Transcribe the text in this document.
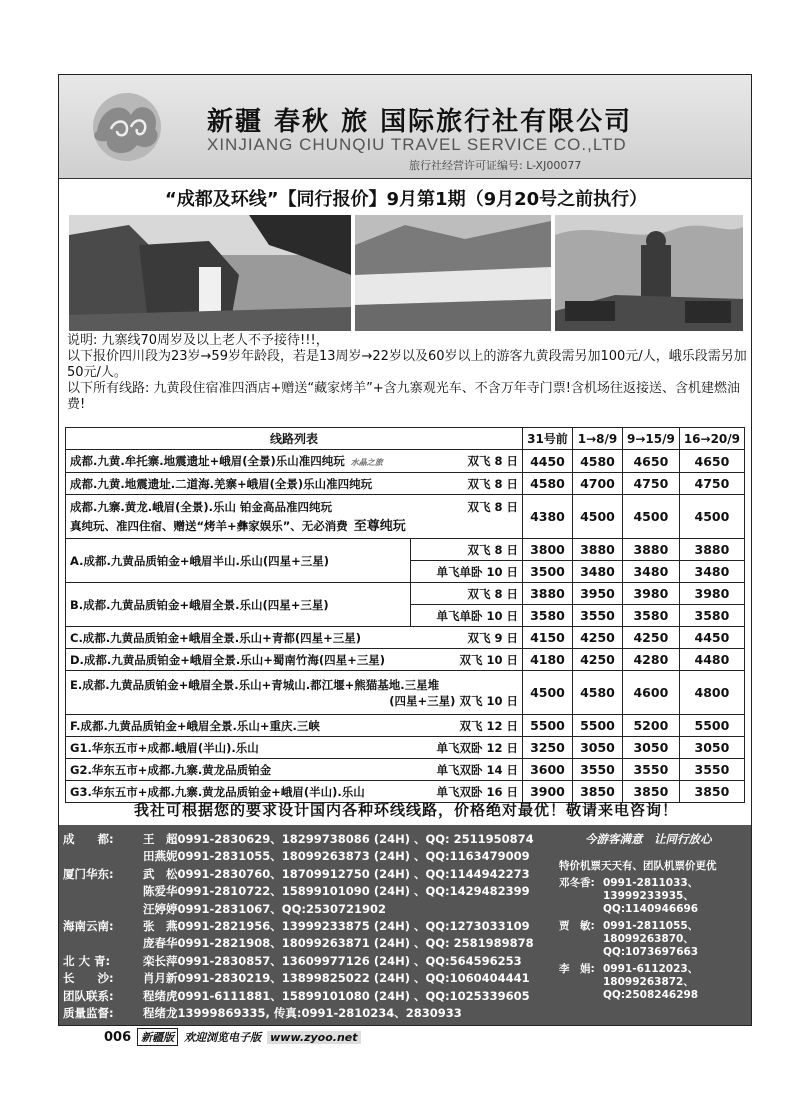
新疆 春秋 旅 国际旅行社有限公司
XINJIANG CHUNQIU TRAVEL SERVICE CO.,LTD
旅行社经营许可证编号: L-XJ00077
“成都及环线”【同行报价】9月第1期（9月20号之前执行）
说明: 九寨线70周岁及以上老人不予接待!!!，
以下报价四川段为23岁→59岁年龄段，若是13周岁→22岁以及60岁以上的游客九黄段需另加100元/人，峨乐段需另加50元/人。
以下所有线路: 九黄段住宿准四酒店+赠送“藏家烤羊”+含九寨观光车、不含万年寺门票!含机场往返接送、含机建燃油费!
线路列表		31号前	1→8/9	9→15/9	16→20/9

成都.九黄.牟托寨.地震遗址+峨眉(全景)乐山准四纯玩 水晶之旅 双飞 8 日		4450	4580	4650	4650

成都.九黄.地震遗址.二道海.羌寨+峨眉(全景)乐山准四纯玩 双飞 8 日		4580	4700	4750	4750

成都.九寨.黄龙.峨眉(全景).乐山 铂金高品准四纯玩 双飞 8 日
真纯玩、准四住宿、赠送“烤羊+彝家娱乐”、无必消费 至尊纯玩		4380	4500	4500	4500
A.成都.九黄品质铂金+峨眉半山.乐山(四星+三星)	双飞 8 日	3800	3880	3880	3880
	单飞单卧 10 日	3500	3480	3480	3480
B.成都.九黄品质铂金+峨眉全景.乐山(四星+三星)	双飞 8 日	3880	3950	3980	3980
	单飞单卧 10 日	3580	3550	3580	3580

C.成都.九黄品质铂金+峨眉全景.乐山+青都(四星+三星) 双飞 9 日		4150	4250	4250	4450

D.成都.九黄品质铂金+峨眉全景.乐山+蜀南竹海(四星+三星) 双飞 10 日		4180	4250	4280	4480

E.成都.九黄品质铂金+峨眉全景.乐山+青城山.都江堰+熊猫基地.三星堆
(四星+三星) 双飞 10 日		4500	4580	4600	4800

F.成都.九黄品质铂金+峨眉全景.乐山+重庆.三峡 双飞 12 日		5500	5500	5200	5500

G1.华东五市+成都.峨眉(半山).乐山 单飞双卧 12 日		3250	3050	3050	3050

G2.华东五市+成都.九寨.黄龙品质铂金 单飞双卧 14 日		3600	3550	3550	3550

G3.华东五市+成都.九寨.黄龙品质铂金+峨眉(半山).乐山 单飞双卧 16 日		3900	3850	3850	3850
我社可根据您的要求设计国内各种环线线路，价格绝对最优！敬请来电咨询！
成　　都:	王　超0991-2830629、18299738086 (24H) 、QQ: 2511950874
田燕妮0991-2831055、18099263873 (24H) 、QQ:1163479009
厦门华东:	武　松0991-2830760、18709912750 (24H) 、QQ:1144942273
陈爱华0991-2810722、15899101090 (24H) 、QQ:1429482399
汪婷婷0991-2831067、QQ:2530721902
海南云南:	张　燕0991-2821956、13999233875 (24H) 、QQ:1273033109
庞春华0991-2821908、18099263871 (24H) 、QQ: 2581989878
北 大 青:	栾长萍0991-2830857、13609977126 (24H) 、QQ:564596253
长　　沙:	肖月新0991-2830219、13899825022 (24H) 、QQ:1060404441
团队联系:	程绪虎0991-6111881、15899101080 (24H) 、QQ:1025339605
质量监督:	程绪龙13999869335, 传真:0991-2810234、2830933
今游客满意　让同行放心
特价机票天天有、团队机票价更优
邓冬香: 0991-2811033、
13999233935、
QQ:1140946696
贾　敏: 0991-2811055、
18099263870、
QQ:1073697663
李　娟: 0991-6112023、
18099263872、
QQ:2508246298
006 新疆版 欢迎浏览电子版 www.zyoo.net
